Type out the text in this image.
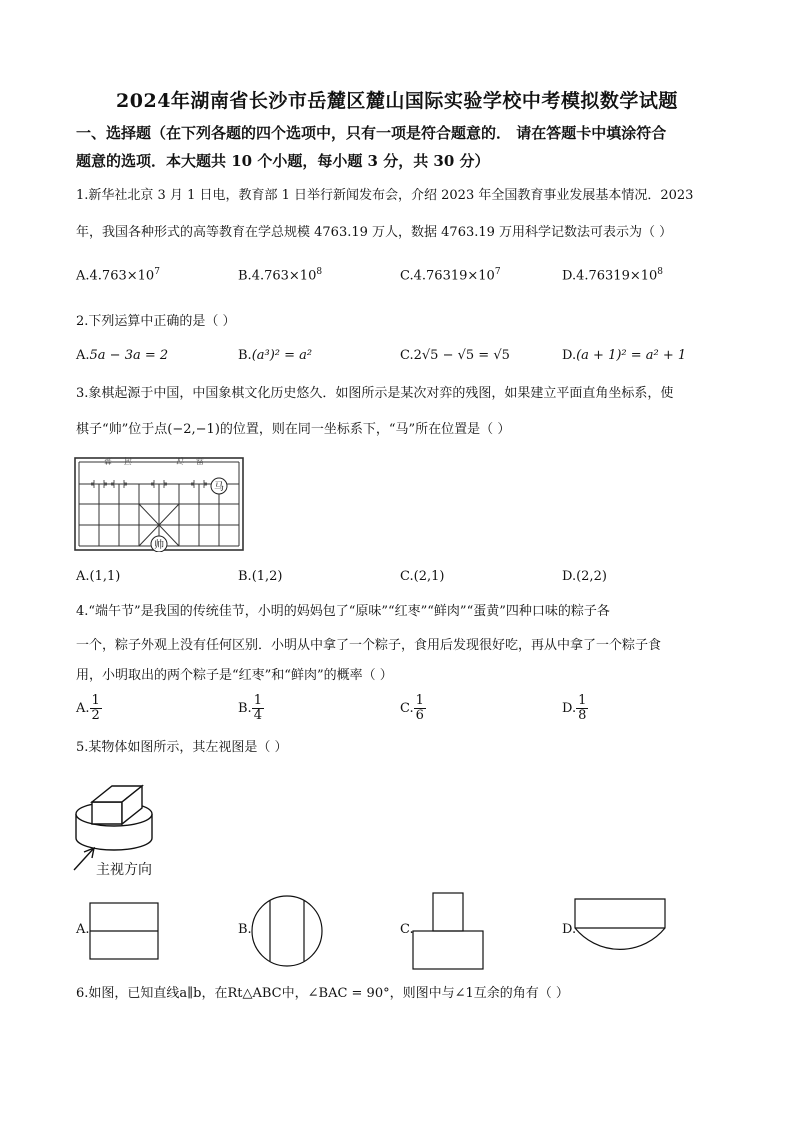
2024年湖南省长沙市岳麓区麓山国际实验学校中考模拟数学试题
一、选择题（在下列各题的四个选项中，只有一项是符合题意的． 请在答题卡中填涂符合
题意的选项．本大题共 10 个小题，每小题 3 分，共 30 分）
1.新华社北京 3 月 1 日电，教育部 1 日举行新闻发布会，介绍 2023 年全国教育事业发展基本情况．2023
年，我国各种形式的高等教育在学总规模 4763.19 万人，数据 4763.19 万用科学记数法可表示为（ ）
$A.4.763\times 10^7$	$B.4.763\times 10^8$	$C.4.76319\times 10^7$	$D.4.76319\times 10^8$
2.下列运算中正确的是（ ）
A.5a − 3a = 2	B.(a³)² = a²	C.2√5 − √5 = √5	D.(a + 1)² = a² + 1
3.象棋起源于中国，中国象棋文化历史悠久．如图所示是某次对弈的残图，如果建立平面直角坐标系，使
棋子“帅”位于点(−2,−1)的位置，则在同一坐标系下，“马”所在位置是（ ）
楚 河	汉 界
马
帅
A.(1,1)	B.(1,2)	C.(2,1)	D.(2,2)
4.“端午节”是我国的传统佳节，小明的妈妈包了“原味”“红枣”“鲜肉”“蛋黄”四种口味的粽子各
一个，粽子外观上没有任何区别．小明从中拿了一个粽子，食用后发现很好吃，再从中拿了一个粽子食
用，小明取出的两个粽子是“红枣”和“鲜肉”的概率（ ）
A. $\frac{1}{2}$	B. $\frac{1}{4}$	C. $\frac{1}{6}$	D. $\frac{1}{8}$
5.某物体如图所示，其左视图是（ ）
主视方向
A.	B.	C.	D.
6.如图，已知直线a∥b，在Rt△ABC中，∠BAC = 90°，则图中与∠1互余的角有（ ）
